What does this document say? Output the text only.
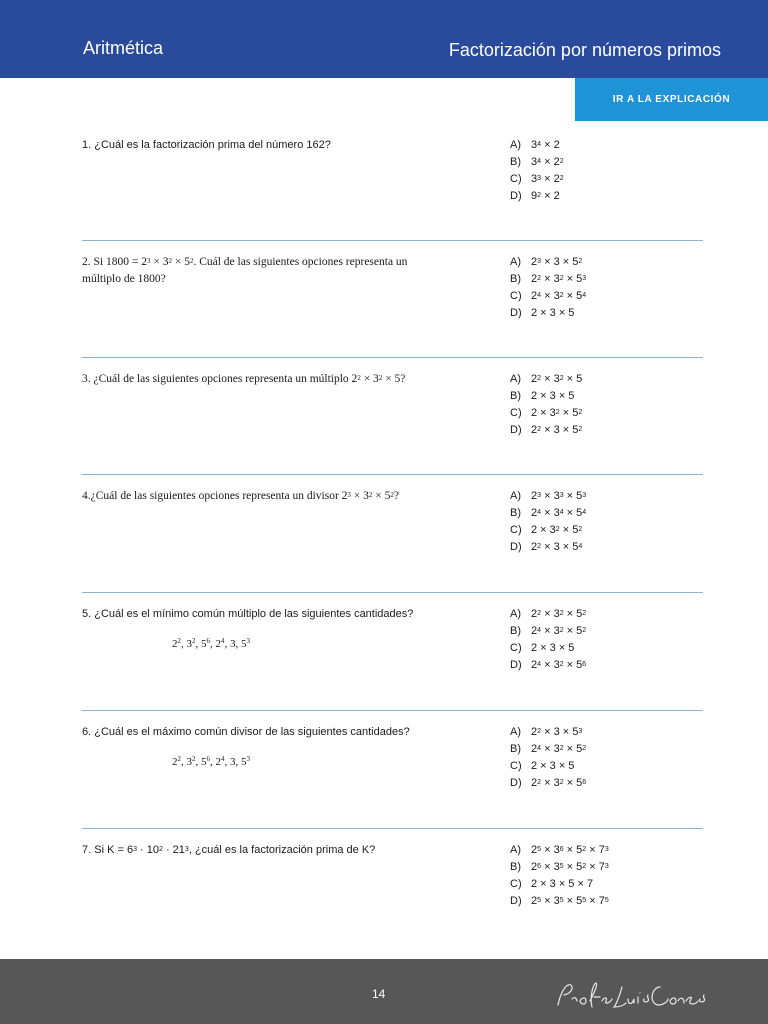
Aritmética	Factorización por números primos
IR A LA EXPLICACIÓN
1. ¿Cuál es la factorización prima del número 162?	A) $3^4 \times 2$
B) $3^4 \times 2^2$
C) $3^3 \times 2^2$
D) $9^2 \times 2$
2. Si $1800 = 2^3 \times 3^2 \times 5^2$. Cuál de las siguientes opciones representa un múltiplo de 1800?
A) $2^3 \times 3 \times 5^2$
B) $2^2 \times 3^2 \times 5^3$
C) $2^4 \times 3^2 \times 5^4$
D) 2 × 3 × 5
3. ¿Cuál de las siguientes opciones representa un múltiplo $2^2 \times 3^2 \times 5$?	A) $2^2 \times 3^2 \times 5$
B) 2 × 3 × 5
C) $2 \times 3^2 \times 5^2$
D) $2^2 \times 3 \times 5^2$
4.¿Cuál de las siguientes opciones representa un divisor $2^3 \times 3^2 \times 5^2$?	A) $2^3 \times 3^3 \times 5^3$
B) $2^4 \times 3^4 \times 5^4$
C) $2 \times 3^2 \times 5^2$
D) $2^2 \times 3 \times 5^4$
5. ¿Cuál es el mínimo común múltiplo de las siguientes cantidades?
$2^2$, $3^2$, $5^6$, $2^4$, 3, $5^3$
A) $2^2 \times 3^2 \times 5^2$
B) $2^4 \times 3^2 \times 5^2$
C) 2 × 3 × 5
D) $2^4 \times 3^2 \times 5^6$
6. ¿Cuál es el máximo común divisor de las siguientes cantidades?
$2^2$, $3^2$, $5^6$, $2^4$, 3, $5^3$
A) $2^2 \times 3 \times 5^3$
B) $2^4 \times 3^2 \times 5^2$
C) 2 × 3 × 5
D) $2^2 \times 3^2 \times 5^6$
7. Si $K = 6^3 \cdot 10^2 \cdot 21^3$, ¿cuál es la factorización prima de K?	A) $2^5 \times 3^6 \times 5^2 \times 7^3$
B) $2^6 \times 3^5 \times 5^2 \times 7^3$
C) 2 × 3 × 5 × 7
D) $2^5 \times 3^5 \times 5^5 \times 7^5$
14
